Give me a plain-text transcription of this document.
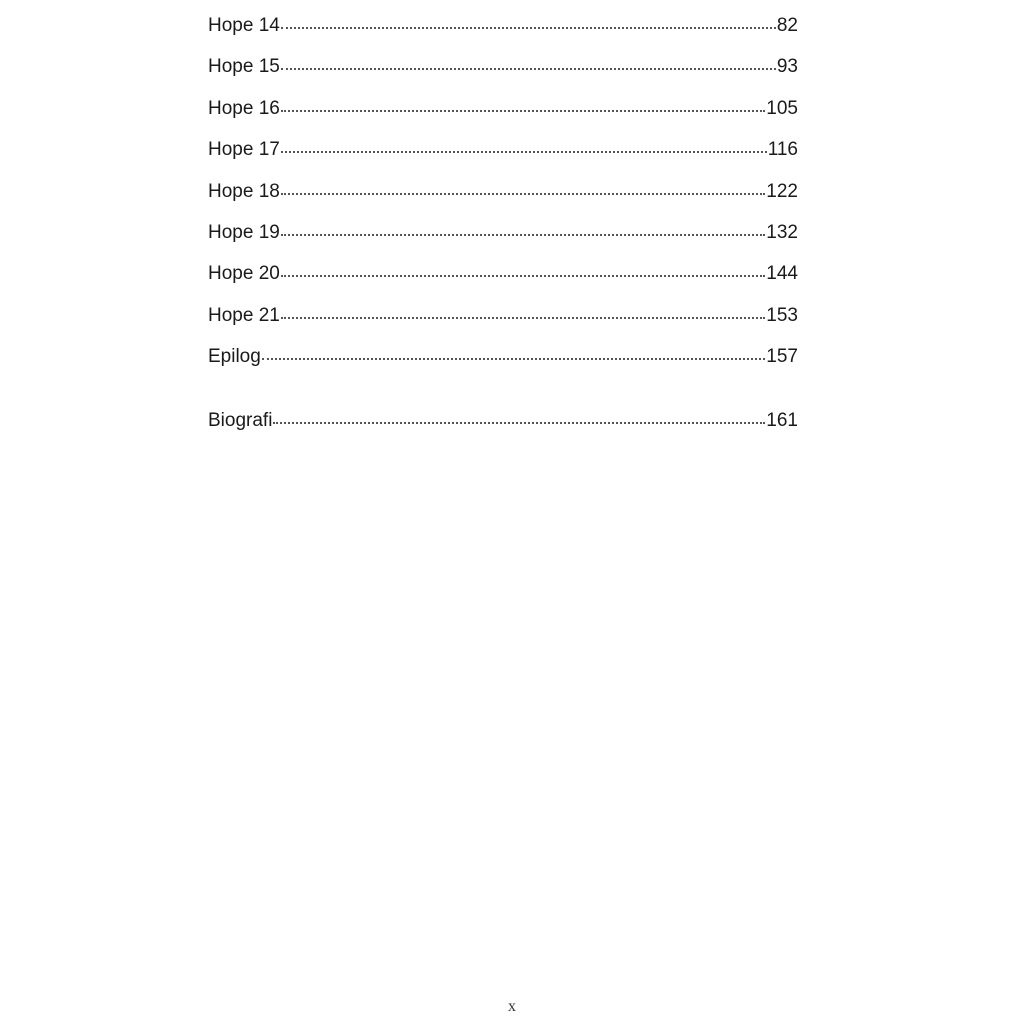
Hope 14	82
Hope 15	93
Hope 16	105
Hope 17	116
Hope 18	122
Hope 19	132
Hope 20	144
Hope 21	153
Epilog	157
Biografi	161
x
